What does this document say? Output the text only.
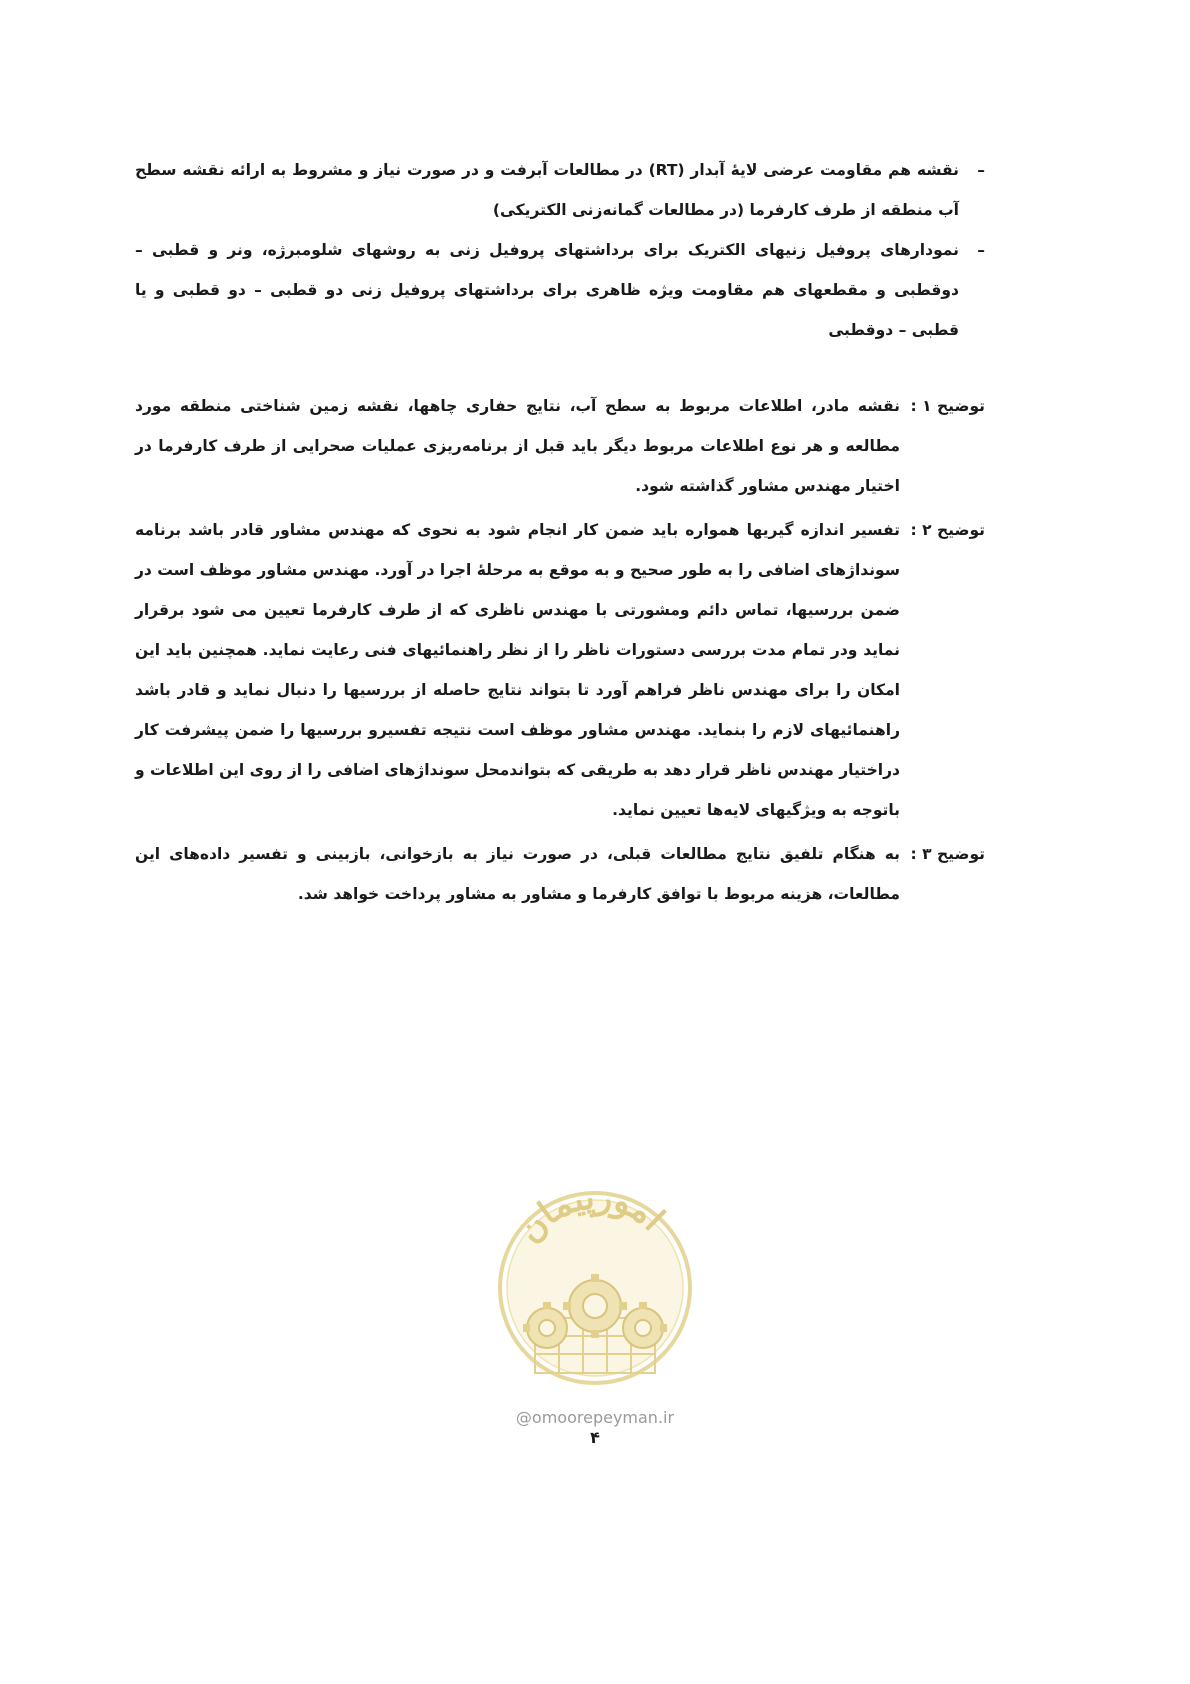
–
نقشه هم مقاومت عرضی لایۀ آبدار (RT) در مطالعات آبرفت و در صورت نیاز و مشروط به ارائه نقشه سطح آب منطقه از طرف کارفرما (در مطالعات گمانه‌زنی الکتریکی)

–
نمودارهای پروفیل زنیهای الکتریک برای برداشتهای پروفیل زنی به روشهای شلومبرژه، ونر و قطبی – دوقطبی و مقطعهای هم مقاومت ویژه ظاهری برای برداشتهای پروفیل زنی دو قطبی – دو قطبی و یا قطبی – دوقطبی

توضیح ۱ :
نقشه مادر، اطلاعات مربوط به سطح آب، نتایج حفاری چاهها، نقشه زمین شناختی منطقه مورد مطالعه و هر نوع اطلاعات مربوط دیگر باید قبل از برنامه‌ریزی عملیات صحرایی از طرف کارفرما در اختیار مهندس مشاور گذاشته شود.

توضیح ۲ :
تفسیر اندازه گیریها همواره باید ضمن کار انجام شود به نحوی که مهندس مشاور قادر باشد برنامه سونداژهای اضافی را به طور صحیح و به موقع به مرحلۀ اجرا در آورد. مهندس مشاور موظف است در ضمن بررسیها، تماس دائم ومشورتی با مهندس ناظری که از طرف کارفرما تعیین می شود برقرار نماید ودر تمام مدت بررسی دستورات ناظر را از نظر راهنمائیهای فنی رعایت نماید. همچنین باید این امکان را برای مهندس ناظر فراهم آورد تا بتواند نتایج حاصله از بررسیها را دنبال نماید و قادر باشد راهنمائیهای لازم را بنماید. مهندس مشاور موظف است نتیجه تفسیرو بررسیها را ضمن پیشرفت کار دراختیار مهندس ناظر قرار دهد به طریقی که بتواندمحل سونداژهای اضافی را از روی این اطلاعات و باتوجه به ویژگیهای لایه‌ها تعیین نماید.

توضیح ۳ :
به هنگام تلفیق نتایج مطالعات قبلی، در صورت نیاز به بازخوانی، بازبینی و تفسیر داده‌های این مطالعات، هزینه مربوط با توافق کارفرما و مشاور به مشاور پرداخت خواهد شد.

امورپیمان
@omoorepeyman.ir
۴
